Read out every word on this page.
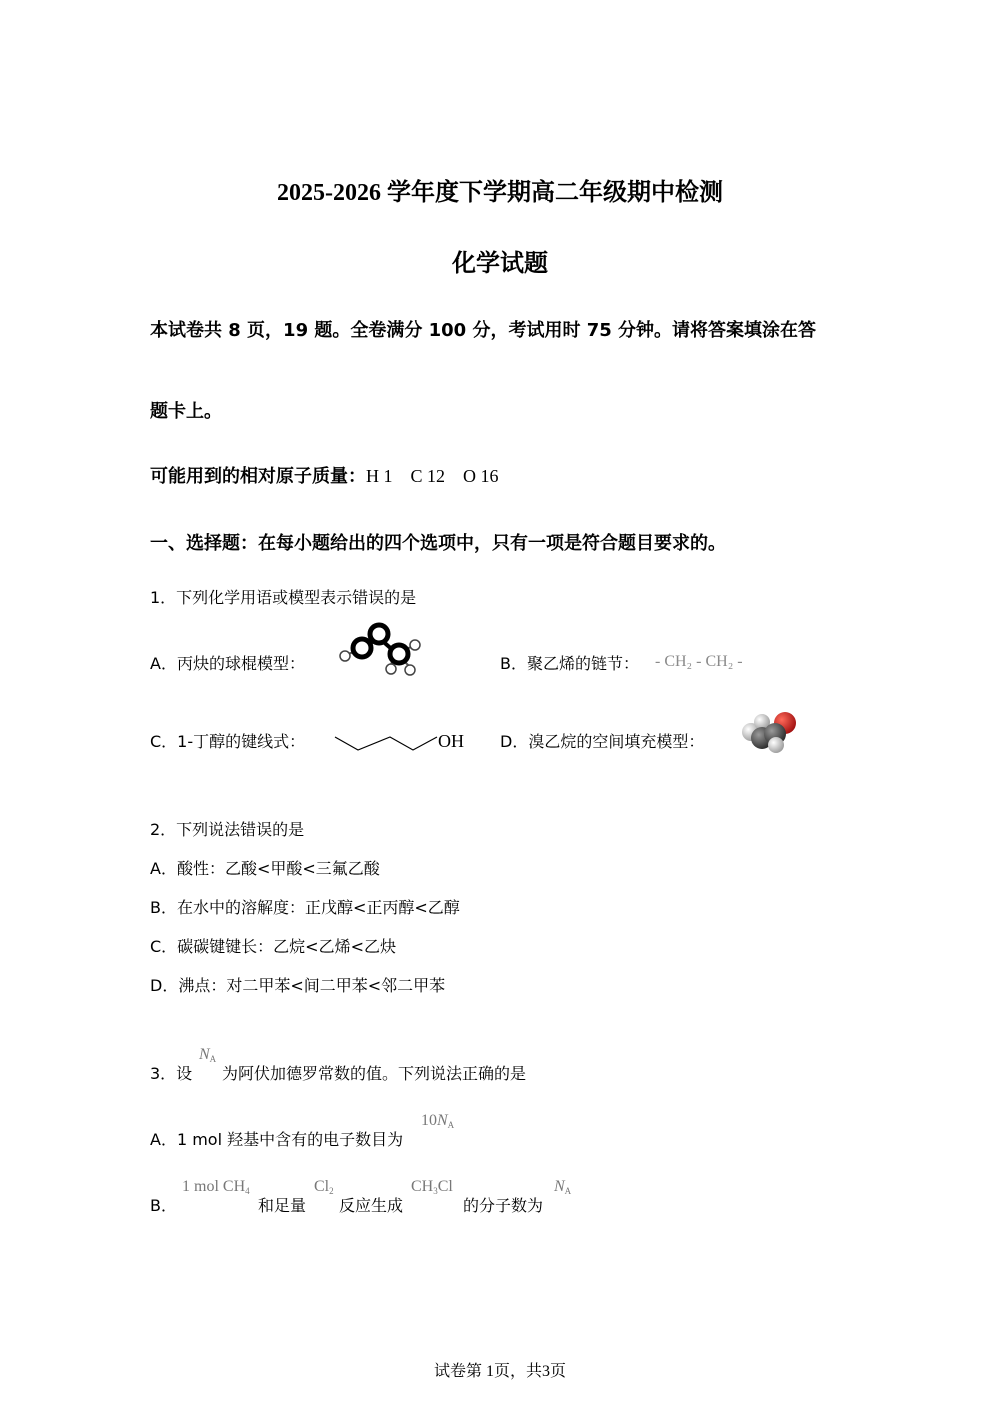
2025-2026 学年度下学期高二年级期中检测
化学试题
本试卷共 8 页，19 题。全卷满分 100 分，考试用时 75 分钟。请将答案填涂在答
题卡上。
可能用到的相对原子质量：H 1　C 12　O 16
一、选择题：在每小题给出的四个选项中，只有一项是符合题目要求的。
1．下列化学用语或模型表示错误的是
A．丙炔的球棍模型：	B．聚乙烯的链节： - CH₂ - CH₂ -
C．1-丁醇的键线式：	OH D．溴乙烷的空间填充模型：
2．下列说法错误的是
A．酸性：乙酸<甲酸<三氟乙酸
B．在水中的溶解度：正戊醇<正丙醇<乙醇
C．碳碳键键长：乙烷<乙烯<乙炔
D．沸点：对二甲苯<间二甲苯<邻二甲苯
3．设
$N_A$
为阿伏加德罗常数的值。下列说法正确的是
A．1 mol 羟基中含有的电子数目为
$10N_A$
B．
1 mol $CH_4$
和足量
$Cl_2$
反应生成
$CH_3Cl$
的分子数为
$N_A$
试卷第 1页，共3页
